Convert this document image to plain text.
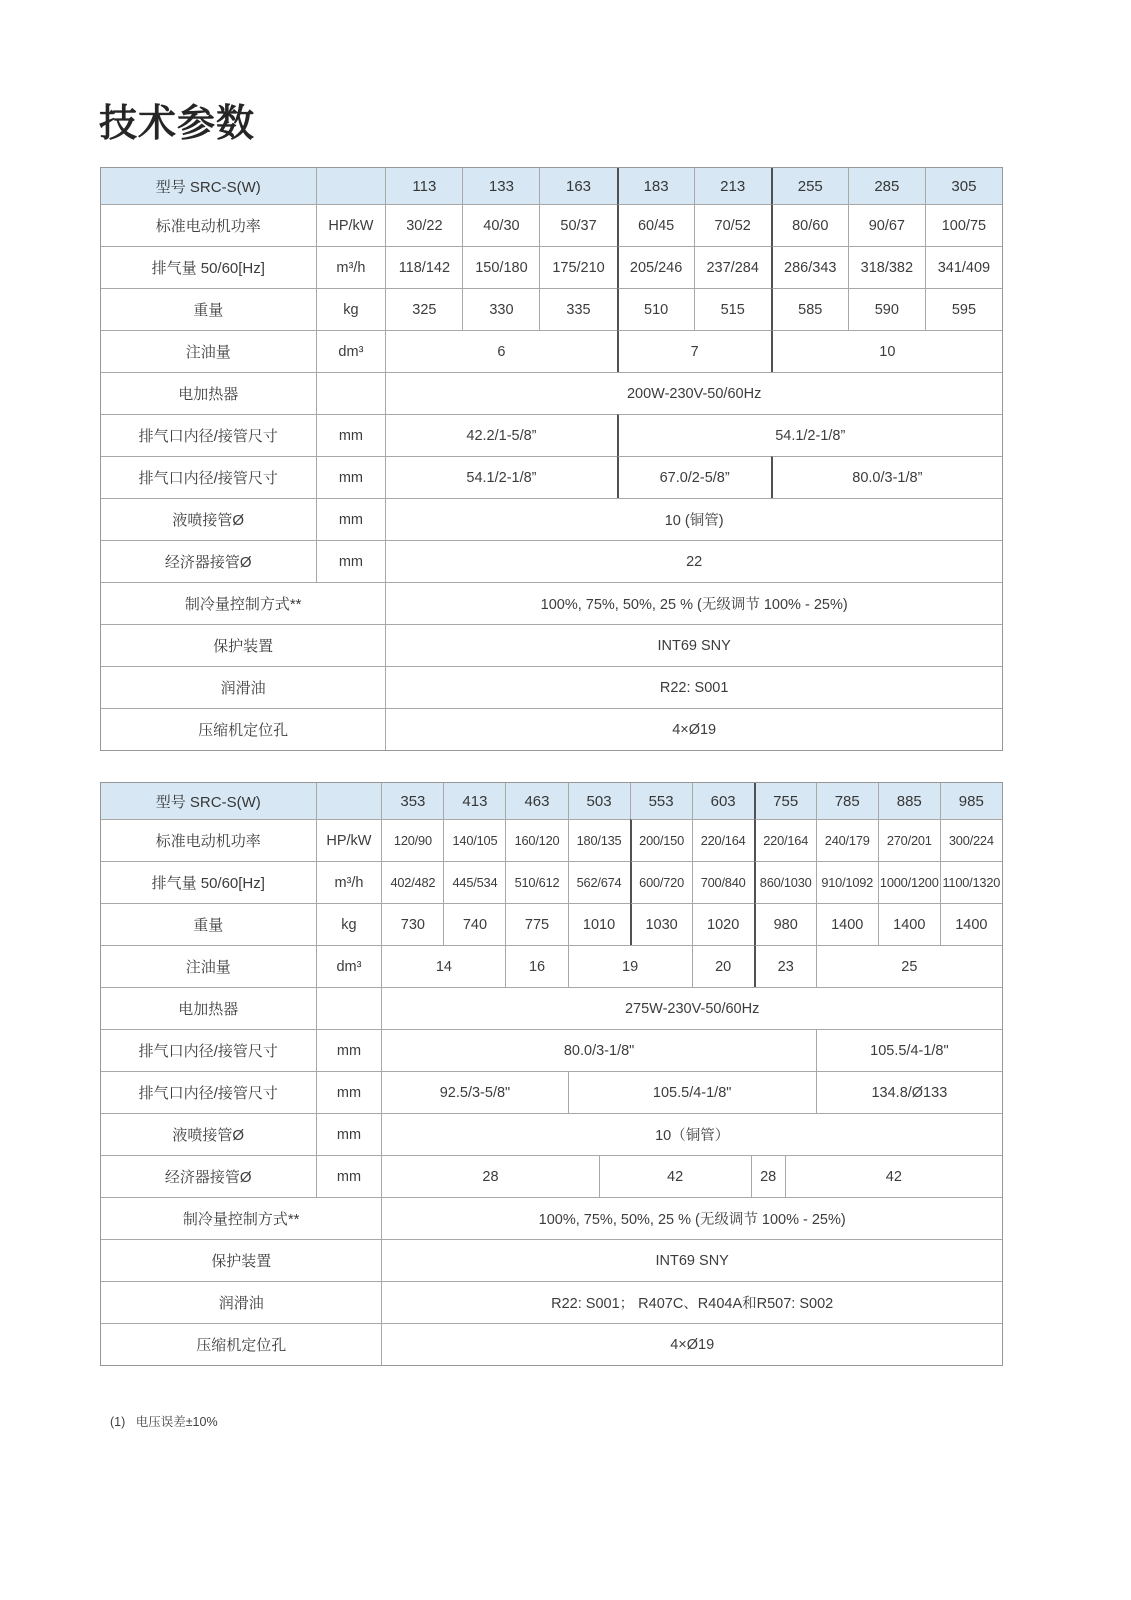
技术参数
型号 SRC-S(W)	113	133	163	183	213	255	285	305
标准电动机功率	HP/kW	30/22	40/30	50/37	60/45	70/52	80/60	90/67	100/75
排气量 50/60[Hz]	m³/h	118/142	150/180	175/210	205/246	237/284	286/343	318/382	341/409
重量	kg	325	330	335	510	515	585	590	595
注油量	dm³	6	7	10
电加热器	200W-230V-50/60Hz
排气口内径/接管尺寸	mm	42.2/1-5/8”	54.1/2-1/8”
排气口内径/接管尺寸	mm	54.1/2-1/8”	67.0/2-5/8”	80.0/3-1/8”
液喷接管Ø	mm	10 (铜管)
经济器接管Ø	mm	22
制冷量控制方式**	100%, 75%, 50%, 25 % (无级调节 100% - 25%)
保护装置	INT69 SNY
润滑油	R22: S001
压缩机定位孔	4×Ø19
型号 SRC-S(W)	353	413	463	503	553	603	755	785	885	985
标准电动机功率	HP/kW	120/90	140/105	160/120	180/135	200/150	220/164	220/164	240/179	270/201	300/224
排气量 50/60[Hz]	m³/h	402/482	445/534	510/612	562/674	600/720	700/840	860/1030 910/1092 1000/1200 1100/1320
重量	kg	730	740	775	1010	1030	1020	980	1400	1400	1400
注油量	dm³	14	16	19	20	23	25
电加热器	275W-230V-50/60Hz
排气口内径/接管尺寸	mm	80.0/3-1/8"	105.5/4-1/8"
排气口内径/接管尺寸	mm	92.5/3-5/8"	105.5/4-1/8"	134.8/Ø133
液喷接管Ø	mm	10（铜管）
经济器接管Ø	mm	28	42	28	42
制冷量控制方式**	100%, 75%, 50%, 25 % (无级调节 100% - 25%)
保护装置	INT69 SNY
润滑油	R22: S001； R407C、R404A和R507: S002
压缩机定位孔	4×Ø19
(1)   电压误差±10%
